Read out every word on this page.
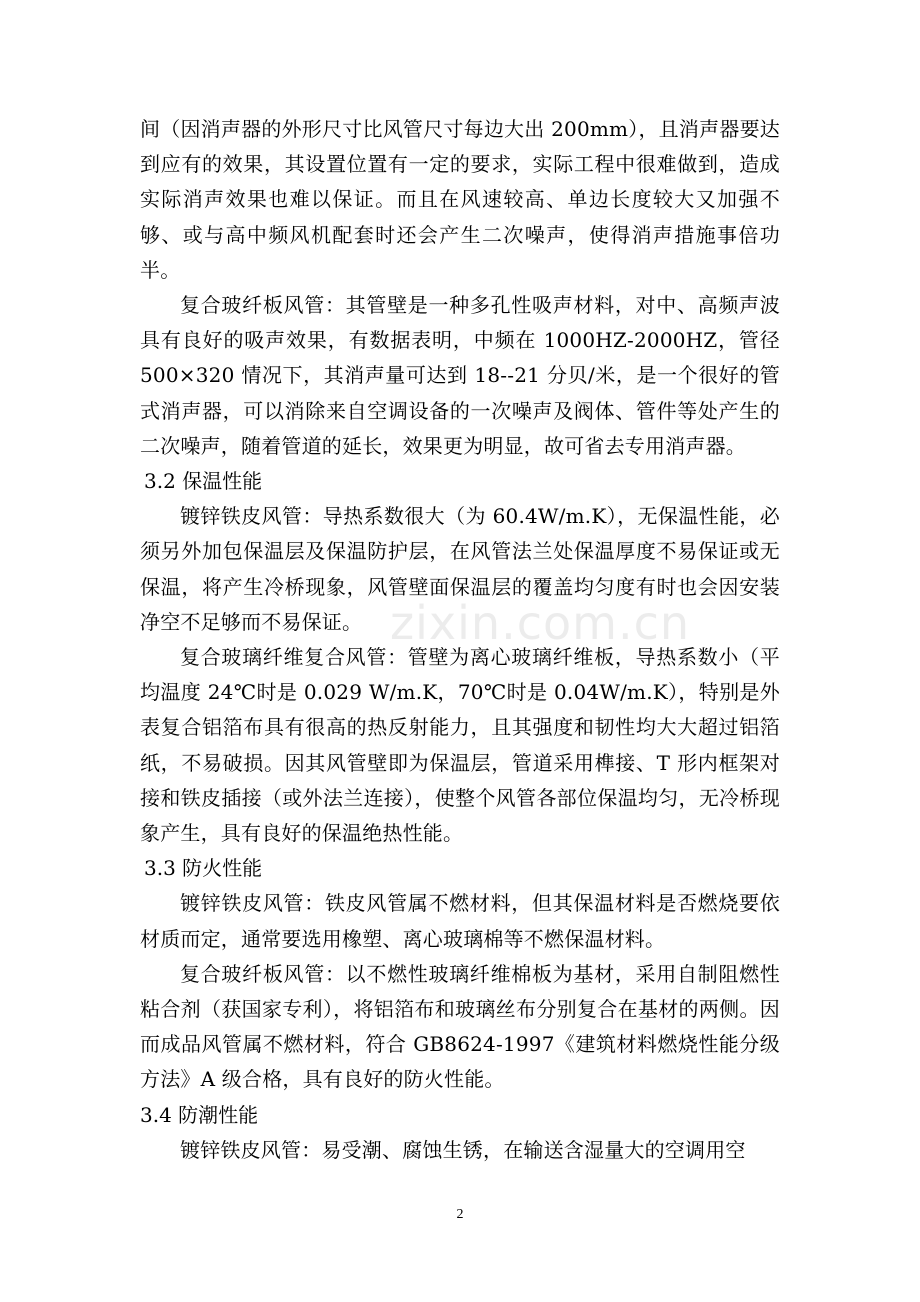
间（因消声器的外形尺寸比风管尺寸每边大出 200mm），且消声器要达到应有的效果，其设置位置有一定的要求，实际工程中很难做到，造成实际消声效果也难以保证。而且在风速较高、单边长度较大又加强不够、或与高中频风机配套时还会产生二次噪声，使得消声措施事倍功半。

复合玻纤板风管：其管壁是一种多孔性吸声材料，对中、高频声波具有良好的吸声效果，有数据表明，中频在 1000HZ-2000HZ，管径 500×320 情况下，其消声量可达到 18--21 分贝/米，是一个很好的管式消声器，可以消除来自空调设备的一次噪声及阀体、管件等处产生的二次噪声，随着管道的延长，效果更为明显，故可省去专用消声器。

3.2 保温性能

镀锌铁皮风管：导热系数很大（为 60.4W/m.K），无保温性能，必须另外加包保温层及保温防护层，在风管法兰处保温厚度不易保证或无保温，将产生冷桥现象，风管壁面保温层的覆盖均匀度有时也会因安装净空不足够而不易保证。

复合玻璃纤维复合风管：管壁为离心玻璃纤维板，导热系数小（平均温度 24℃时是 0.029 W/m.K，70℃时是 0.04W/m.K），特别是外表复合铝箔布具有很高的热反射能力，且其强度和韧性均大大超过铝箔纸，不易破损。因其风管壁即为保温层，管道采用榫接、T 形内框架对接和铁皮插接（或外法兰连接），使整个风管各部位保温均匀，无冷桥现象产生，具有良好的保温绝热性能。

3.3 防火性能

镀锌铁皮风管：铁皮风管属不燃材料，但其保温材料是否燃烧要依材质而定，通常要选用橡塑、离心玻璃棉等不燃保温材料。

复合玻纤板风管：以不燃性玻璃纤维棉板为基材，采用自制阻燃性粘合剂（获国家专利），将铝箔布和玻璃丝布分别复合在基材的两侧。因而成品风管属不燃材料，符合 GB8624-1997《建筑材料燃烧性能分级方法》A 级合格，具有良好的防火性能。

3.4 防潮性能

镀锌铁皮风管：易受潮、腐蚀生锈，在输送含湿量大的空调用空

zixin.com.cn
2
